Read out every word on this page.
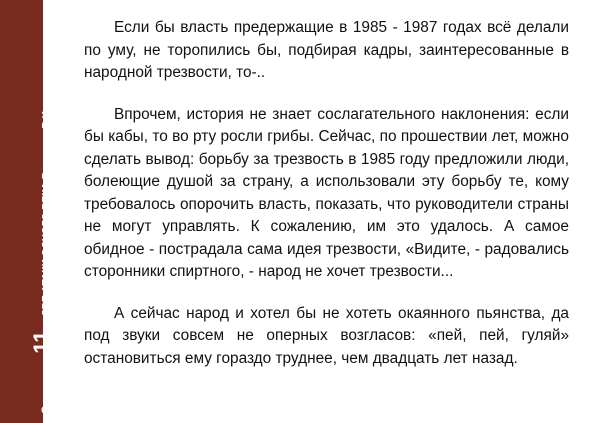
Страница
11
ДВЕ АТАКИ ОДНОГО ВЕКА Вардугин В.И.

Если бы власть предержащие в 1985 - 1987 годах всё делали по уму, не торопились бы, подбирая кадры, заинтересованные в народной трезвости, то-..

Впрочем, история не знает сослагательного наклонения: если бы кабы, то во рту росли грибы. Сейчас, по прошествии лет, можно сделать вывод: борьбу за трезвость в 1985 году предложили люди, болеющие душой за страну, а использовали эту борьбу те, кому требовалось опорочить власть, показать, что руководители страны не могут управлять. К сожалению, им это удалось. А самое обидное - пострадала сама идея трезвости, «Видите, - радовались сторонники спиртного, - народ не хочет трезвости...

А сейчас народ и хотел бы не хотеть окаянного пьянства, да под звуки совсем не оперных возгласов: «пей, пей, гуляй» остановиться ему гораздо труднее, чем двадцать лет назад.
